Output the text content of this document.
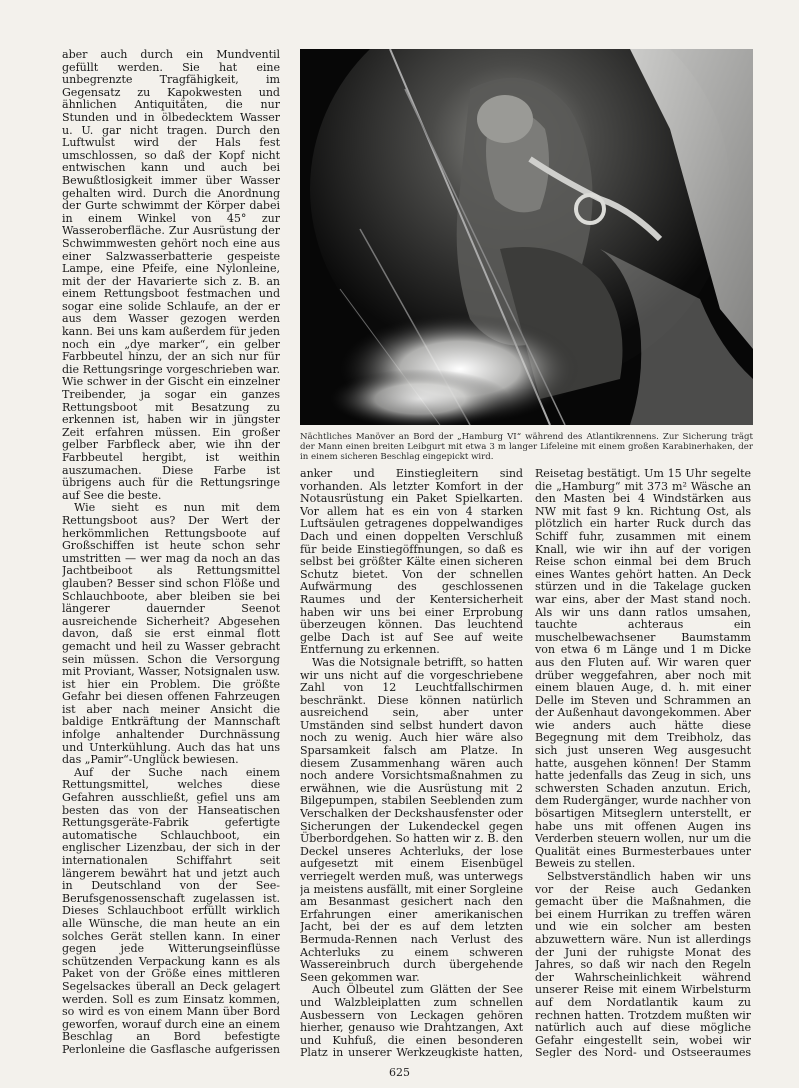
aber auch durch ein Mundventil gefüllt werden. Sie hat eine unbegrenzte Tragfähigkeit, im Gegensatz zu Kapokwesten und ähnlichen Antiquitäten, die nur Stunden und in ölbedecktem Wasser u. U. gar nicht tragen. Durch den Luftwulst wird der Hals fest umschlossen, so daß der Kopf nicht entwischen kann und auch bei Bewußtlosigkeit immer über Wasser gehalten wird. Durch die Anordnung der Gurte schwimmt der Körper dabei in einem Winkel von 45° zur Wasseroberfläche. Zur Ausrüstung der Schwimmwesten gehört noch eine aus einer Salzwasserbatterie gespeiste Lampe, eine Pfeife, eine Nylonleine, mit der der Havarierte sich z. B. an einem Rettungsboot festmachen und sogar eine solide Schlaufe, an der er aus dem Wasser gezogen werden kann. Bei uns kam außerdem für jeden noch ein „dye marker“, ein gelber Farbbeutel hinzu, der an sich nur für die Rettungsringe vorgeschrieben war. Wie schwer in der Gischt ein einzelner Treibender, ja sogar ein ganzes Rettungsboot mit Besatzung zu erkennen ist, haben wir in jüngster Zeit erfahren müssen. Ein großer gelber Farbfleck aber, wie ihn der Farbbeutel hergibt, ist weithin auszumachen. Diese Farbe ist übrigens auch für die Rettungsringe auf See die beste.

Wie sieht es nun mit dem Rettungsboot aus? Der Wert der herkömmlichen Rettungsboote auf Großschiffen ist heute schon sehr umstritten — wer mag da noch an das Jachtbeiboot als Rettungsmittel glauben? Besser sind schon Flöße und Schlauchboote, aber bleiben sie bei längerer dauernder Seenot ausreichende Sicherheit? Abgesehen davon, daß sie erst einmal flott gemacht und heil zu Wasser gebracht sein müssen. Schon die Versorgung mit Proviant, Wasser, Notsignalen usw. ist hier ein Problem. Die größte Gefahr bei diesen offenen Fahrzeugen ist aber nach meiner Ansicht die baldige Entkräftung der Mannschaft infolge anhaltender Durchnässung und Unterkühlung. Auch das hat uns das „Pamir“-Unglück bewiesen.

Auf der Suche nach einem Rettungsmittel, welches diese Gefahren ausschließt, gefiel uns am besten das von der Hanseatischen Rettungsgeräte-Fabrik gefertigte automatische Schlauchboot, ein englischer Lizenzbau, der sich in der internationalen Schiffahrt seit längerem bewährt hat und jetzt auch in Deutschland von der See-Berufsgenossenschaft zugelassen ist. Dieses Schlauchboot erfüllt wirklich alle Wünsche, die man heute an ein solches Gerät stellen kann. In einer gegen jede Witterungseinflüsse schützenden Verpackung kann es als Paket von der Größe eines mittleren Segelsackes überall an Deck gelagert werden. Soll es zum Einsatz kommen, so wird es von einem Mann über Bord geworfen, worauf durch eine an einem Beschlag an Bord befestigte Perlonleine die Gasflasche aufgerissen

Nächtliches Manöver an Bord der „Hamburg VI“ während des Atlantikrennens. Zur Sicherung trägt der Mann einen breiten Leibgurt mit etwa 3 m langer Lifeleine mit einem großen Karabinerhaken, der in einem sicheren Beschlag eingepickt wird.

anker und Einstiegleitern sind vorhanden. Als letzter Komfort in der Notausrüstung ein Paket Spielkarten. Vor allem hat es ein von 4 starken Luftsäulen getragenes doppelwandiges Dach und einen doppelten Verschluß für beide Einstiegöffnungen, so daß es selbst bei größter Kälte einen sicheren Schutz bietet. Von der schnellen Aufwärmung des geschlossenen Raumes und der Kentersicherheit haben wir uns bei einer Erprobung überzeugen können. Das leuchtend gelbe Dach ist auf See auf weite Entfernung zu erkennen.

Was die Notsignale betrifft, so hatten wir uns nicht auf die vorgeschriebene Zahl von 12 Leuchtfallschirmen beschränkt. Diese können natürlich ausreichend sein, aber unter Umständen sind selbst hundert davon noch zu wenig. Auch hier wäre also Sparsamkeit falsch am Platze. In diesem Zusammenhang wären auch noch andere Vorsichtsmaßnahmen zu erwähnen, wie die Ausrüstung mit 2 Bilgepumpen, stabilen Seeblenden zum Verschalken der Deckshausfenster oder Sicherungen der Lukendeckel gegen Überbordgehen. So hatten wir z. B. den Deckel unseres Achterluks, der lose aufgesetzt mit einem Eisenbügel verriegelt werden muß, was unterwegs ja meistens ausfällt, mit einer Sorgleine am Besanmast gesichert nach den Erfahrungen einer amerikanischen Jacht, bei der es auf dem letzten Bermuda-Rennen nach Verlust des Achterluks zu einem schweren Wassereinbruch durch übergehende Seen gekommen war.

Auch Ölbeutel zum Glätten der See und Walzbleiplatten zum schnellen Ausbessern von Leckagen gehören hierher, genauso wie Drahtzangen, Axt und Kuhfuß, die einen besonderen Platz in unserer Werkzeugkiste hatten,

Reisetag bestätigt. Um 15 Uhr segelte die „Hamburg“ mit 373 m² Wäsche an den Masten bei 4 Windstärken aus NW mit fast 9 kn. Richtung Ost, als plötzlich ein harter Ruck durch das Schiff fuhr, zusammen mit einem Knall, wie wir ihn auf der vorigen Reise schon einmal bei dem Bruch eines Wantes gehört hatten. An Deck stürzen und in die Takelage gucken war eins, aber der Mast stand noch. Als wir uns dann ratlos umsahen, tauchte achteraus ein muschelbewachsener Baumstamm von etwa 6 m Länge und 1 m Dicke aus den Fluten auf. Wir waren quer drüber weggefahren, aber noch mit einem blauen Auge, d. h. mit einer Delle im Steven und Schrammen an der Außenhaut davongekommen. Aber wie anders auch hätte diese Begegnung mit dem Treibholz, das sich just unseren Weg ausgesucht hatte, ausgehen können! Der Stamm hatte jedenfalls das Zeug in sich, uns schwersten Schaden anzutun. Erich, dem Rudergänger, wurde nachher von bösartigen Mitseglern unterstellt, er habe uns mit offenen Augen ins Verderben steuern wollen, nur um die Qualität eines Burmesterbaues unter Beweis zu stellen.

Selbstverständlich haben wir uns vor der Reise auch Gedanken gemacht über die Maßnahmen, die bei einem Hurrikan zu treffen wären und wie ein solcher am besten abzuwettern wäre. Nun ist allerdings der Juni der ruhigste Monat des Jahres, so daß wir nach den Regeln der Wahrscheinlichkeit während unserer Reise mit einem Wirbelsturm auf dem Nordatlantik kaum zu rechnen hatten. Trotzdem mußten wir natürlich auch auf diese mögliche Gefahr eingestellt sein, wobei wir Segler des Nord- und Ostseeraumes

625
